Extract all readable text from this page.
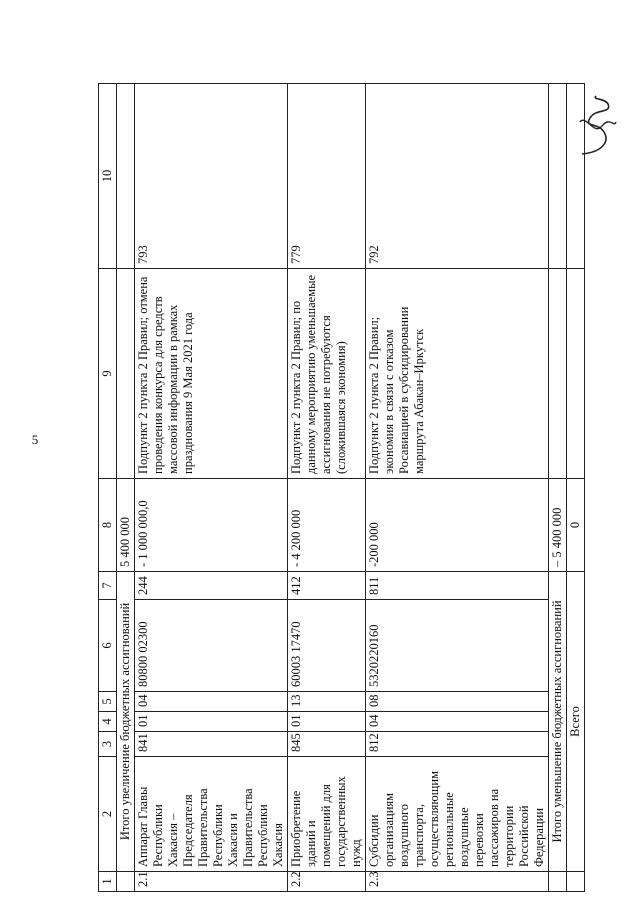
5
1	2	3	4	5	6	7	8	9	10
	Итого увеличение бюджетных ассигнований						5 400 000		
2.1	Аппарат Главы Республики Хакасия – Председателя Правительства Республики Хакасия и Правительства Республики Хакасия	841	01	04	80800 02300	244	- 1 000 000,0	Подпункт 2 пункта 2 Правил; отмена проведения конкурса для средств массовой информации в рамках празднования 9 Мая 2021 года	793
2.2	Приобретение зданий и помещений для государственных нужд	845	01	13	60003 17470	412	- 4 200 000	Подпункт 2 пункта 2 Правил; по данному мероприятию уменьшаемые ассигнования не потребуются (сложившаяся экономия)	779
2.3	Субсидии организациям воздушного транспорта, осуществляющим региональные воздушные перевозки пассажиров на территории Российской Федерации	812	04	08	5320220160	811	-200 000	Подпункт 2 пункта 2 Правил; экономия в связи с отказом Росавиацией в субсидировании маршрута Абакан–Иркутск	792
	Итого уменьшение бюджетных ассигнований						– 5 400 000		
	Всего						0		
